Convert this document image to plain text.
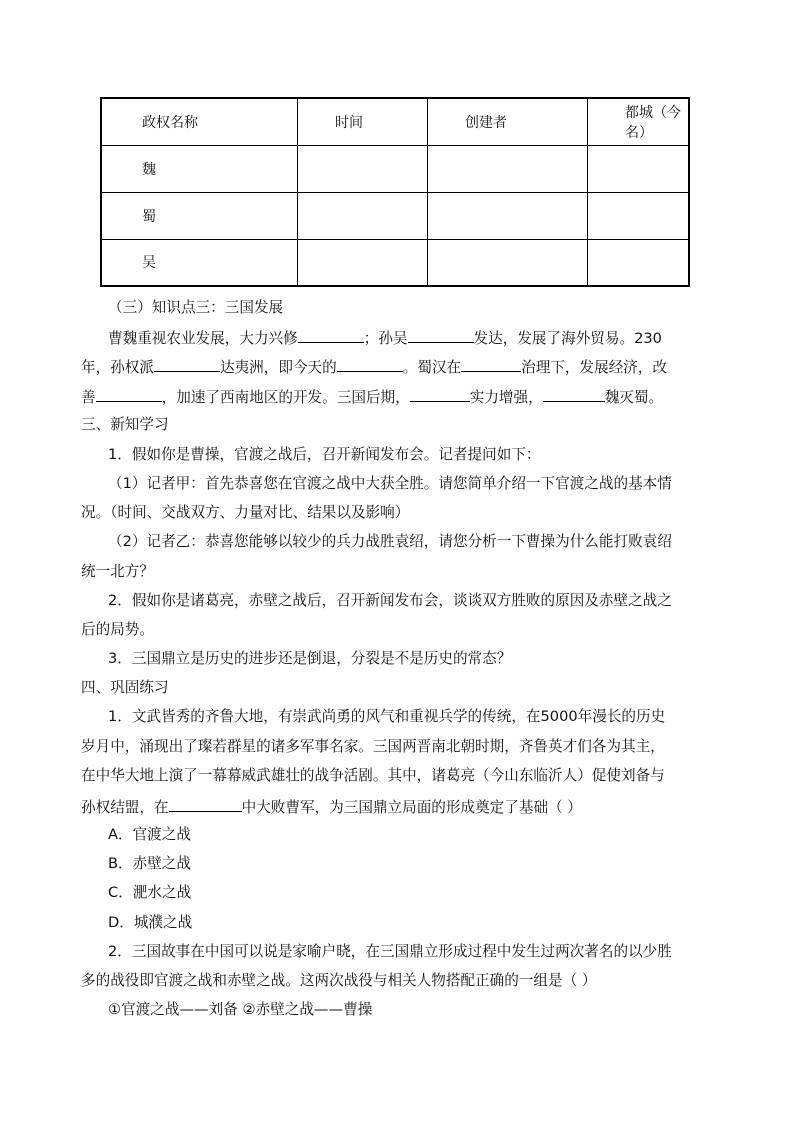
政权名称	时间	创建者	都城（今名）
魏			
蜀			
吴			
（三）知识点三：三国发展
曹魏重视农业发展，大力兴修	；孙吴	发达，发展了海外贸易。230
年，孙权派	达夷洲，即今天的	。蜀汉在	治理下，发展经济，改
善	，加速了西南地区的开发。三国后期，	实力增强，	魏灭蜀。
三、新知学习
1．假如你是曹操，官渡之战后，召开新闻发布会。记者提问如下：
（1）记者甲：首先恭喜您在官渡之战中大获全胜。请您简单介绍一下官渡之战的基本情
况。（时间、交战双方、力量对比、结果以及影响）
（2）记者乙：恭喜您能够以较少的兵力战胜袁绍，请您分析一下曹操为什么能打败袁绍
统一北方？
2．假如你是诸葛亮，赤壁之战后，召开新闻发布会，谈谈双方胜败的原因及赤壁之战之
后的局势。
3．三国鼎立是历史的进步还是倒退，分裂是不是历史的常态？
四、巩固练习
1．文武皆秀的齐鲁大地，有崇武尚勇的风气和重视兵学的传统，在5000年漫长的历史
岁月中，涌现出了璨若群星的诸多军事名家。三国两晋南北朝时期，齐鲁英才们各为其主，
在中华大地上演了一幕幕威武雄壮的战争活剧。其中，诸葛亮（今山东临沂人）促使刘备与
孙权结盟，在	中大败曹军，为三国鼎立局面的形成奠定了基础（ ）
A．官渡之战
B．赤壁之战
C．淝水之战
D．城濮之战
2．三国故事在中国可以说是家喻户晓，在三国鼎立形成过程中发生过两次著名的以少胜
多的战役即官渡之战和赤壁之战。这两次战役与相关人物搭配正确的一组是（ ）
①官渡之战——刘备 ②赤壁之战——曹操
